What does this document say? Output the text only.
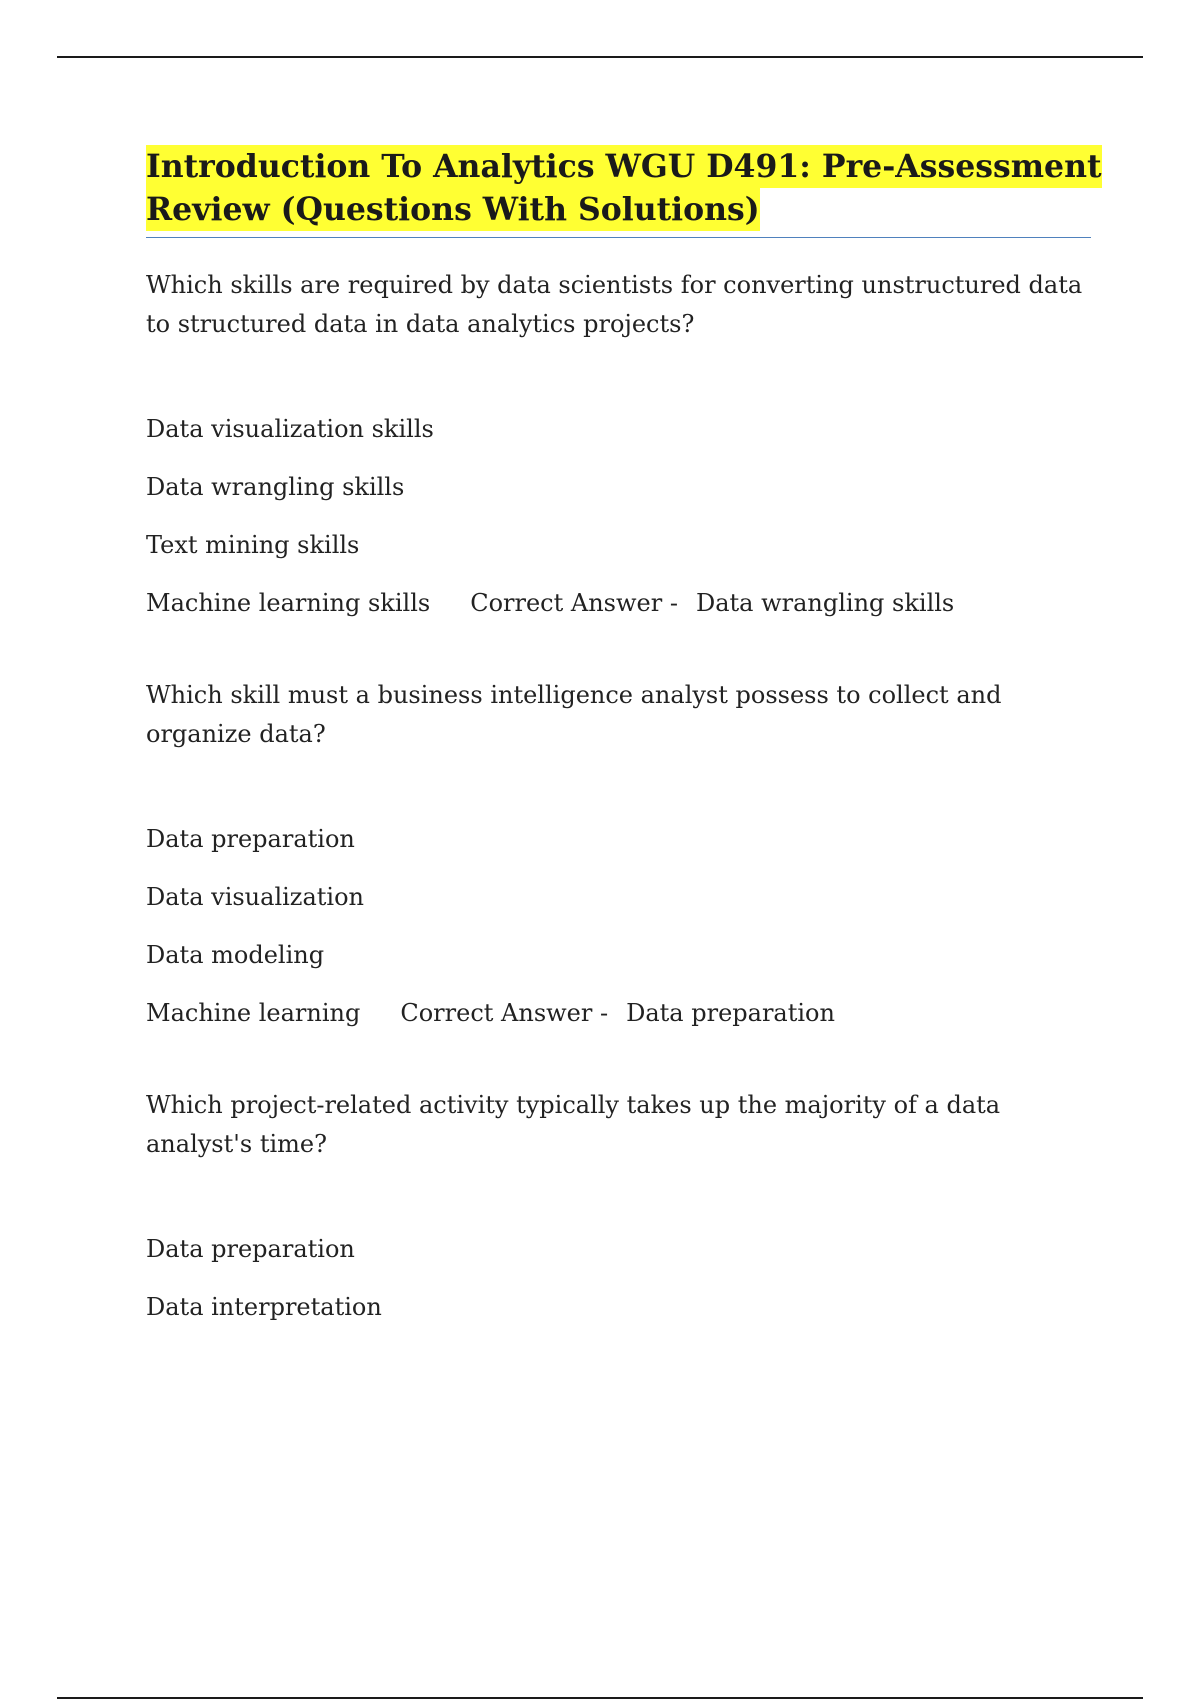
Introduction To Analytics WGU D491: Pre-Assessment
Review (Questions With Solutions)

Which skills are required by data scientists for converting unstructured data to structured data in data analytics projects?

Data visualization skills
Data wrangling skills
Text mining skills
Machine learning skills Correct Answer - Data wrangling skills

Which skill must a business intelligence analyst possess to collect and organize data?

Data preparation
Data visualization
Data modeling
Machine learning Correct Answer - Data preparation

Which project-related activity typically takes up the majority of a data analyst's time?

Data preparation
Data interpretation
